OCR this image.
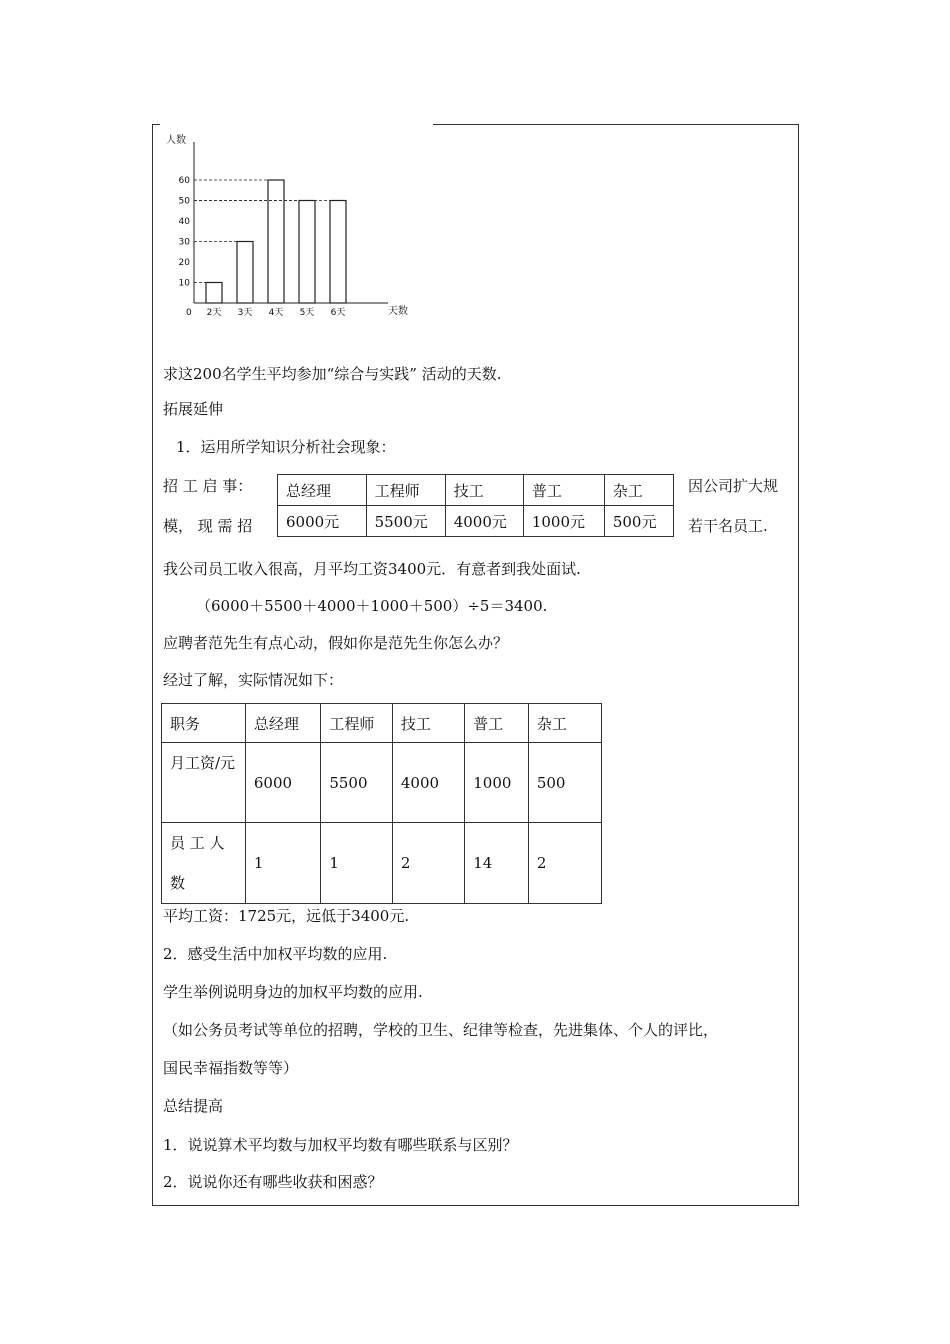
人数
天数
0
10
20
30
40
50
60
2天 3天 4天 5天 6天
求这200名学生平均参加“综合与实践” 活动的天数.
拓展延伸
1．运用所学知识分析社会现象：
招 工 启 事：
模， 现 需 招
因公司扩大规
若干名员工.
总经理	工程师	技工	普工	杂工
6000元	5500元	4000元	1000元	500元
我公司员工收入很高，月平均工资3400元．有意者到我处面试.
（6000＋5500＋4000＋1000＋500）÷5＝3400.
应聘者范先生有点心动，假如你是范先生你怎么办？
经过了解，实际情况如下：
职务	总经理	工程师	技工	普工	杂工

月工资/元	6000	5500	4000	1000	500

员 工 人 数	1	1	2	14	2
平均工资：1725元，远低于3400元.
2．感受生活中加权平均数的应用.
学生举例说明身边的加权平均数的应用.
（如公务员考试等单位的招聘，学校的卫生、纪律等检查，先进集体、个人的评比，
国民幸福指数等等）
总结提高
1．说说算术平均数与加权平均数有哪些联系与区别？
2．说说你还有哪些收获和困惑？
